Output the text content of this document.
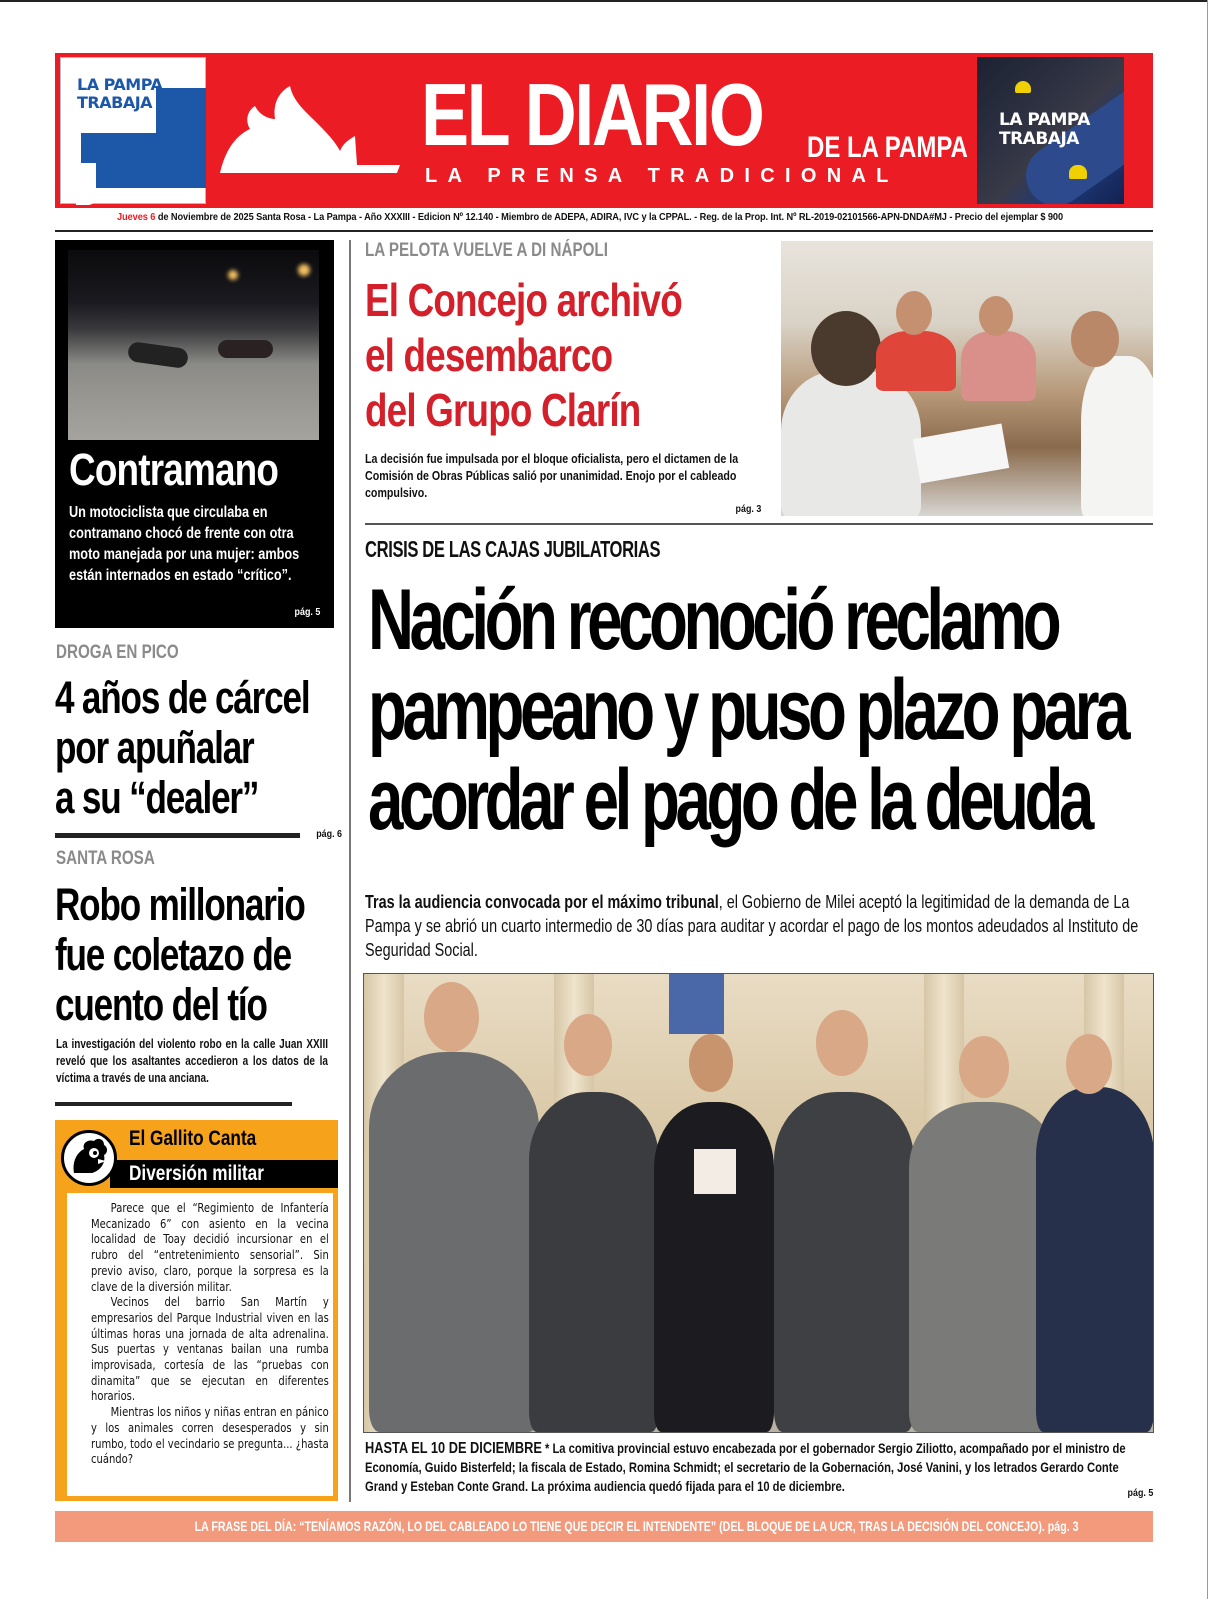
LA PAMPA
TRABAJA	EL DIARIO DE LA PAMPA
LA PRENSA TRADICIONAL
LA PAMPA
TRABAJA
Jueves 6 de Noviembre de 2025 Santa Rosa - La Pampa - Año XXXIII - Edicion Nº 12.140 - Miembro de ADEPA, ADIRA, IVC y la CPPAL. - Reg. de la Prop. Int. Nº RL-2019-02101566-APN-DNDA#MJ - Precio del ejemplar $ 900
Contramano
Un motociclista que circulaba en contramano chocó de frente con otra moto manejada por una mujer: ambos están internados en estado “crítico”.
pág. 5
DROGA EN PICO
4 años de cárcel
por apuñalar
a su “dealer”
pág. 6
SANTA ROSA
Robo millonario
fue coletazo de
cuento del tío
La investigación del violento robo en la calle Juan XXIII reveló que los asaltantes accedieron a los datos de la víctima a través de una anciana.
El Gallito Canta
Diversión militar

Parece que el “Regimiento de Infantería Mecanizado 6” con asiento en la vecina localidad de Toay decidió incursionar en el rubro del “entretenimiento sensorial”. Sin previo aviso, claro, porque la sorpresa es la clave de la diversión militar.

Vecinos del barrio San Martín y empresarios del Parque Industrial viven en las últimas horas una jornada de alta adrenalina. Sus puertas y ventanas bailan una rumba improvisada, cortesía de las “pruebas con dinamita” que se ejecutan en diferentes horarios.

Mientras los niños y niñas entran en pánico y los animales corren desesperados y sin rumbo, todo el vecindario se pregunta... ¿hasta cuándo?

LA PELOTA VUELVE A DI NÁPOLI
El Concejo archivó
el desembarco
del Grupo Clarín
La decisión fue impulsada por el bloque oficialista, pero el dictamen de la Comisión de Obras Públicas salió por unanimidad. Enojo por el cableado compulsivo.
pág. 3
CRISIS DE LAS CAJAS JUBILATORIAS
Nación reconoció reclamo
pampeano y puso plazo para
acordar el pago de la deuda
Tras la audiencia convocada por el máximo tribunal, el Gobierno de Milei aceptó la legitimidad de la demanda de La Pampa y se abrió un cuarto intermedio de 30 días para auditar y acordar el pago de los montos adeudados al Instituto de Seguridad Social.
HASTA EL 10 DE DICIEMBRE * La comitiva provincial estuvo encabezada por el gobernador Sergio Ziliotto, acompañado por el ministro de Economía, Guido Bisterfeld; la fiscala de Estado, Romina Schmidt; el secretario de la Gobernación, José Vanini, y los letrados Gerardo Conte Grand y Esteban Conte Grand. La próxima audiencia quedó fijada para el 10 de diciembre.	pág. 5
LA FRASE DEL DÍA: “TENÍAMOS RAZÓN, LO DEL CABLEADO LO TIENE QUE DECIR EL INTENDENTE” (DEL BLOQUE DE LA UCR, TRAS LA DECISIÓN DEL CONCEJO). pág. 3
